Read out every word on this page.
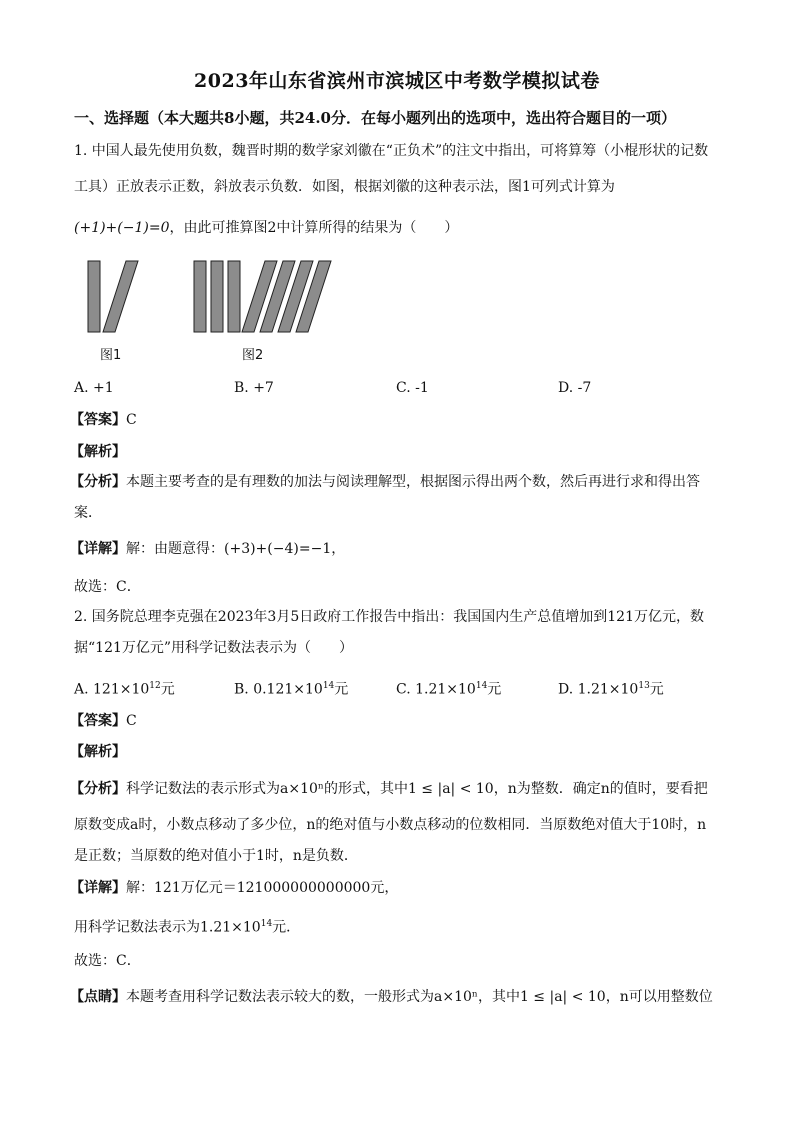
2023年山东省滨州市滨城区中考数学模拟试卷
一、选择题（本大题共8小题，共24.0分．在每小题列出的选项中，选出符合题目的一项）
1. 中国人最先使用负数，魏晋时期的数学家刘徽在“正负术”的注文中指出，可将算筹（小棍形状的记数
工具）正放表示正数，斜放表示负数．如图，根据刘徽的这种表示法，图1可列式计算为
(+1)+(−1)=0，由此可推算图2中计算所得的结果为（　　）
图1	图2
A. +1	B. +7	C. -1	D. -7
【答案】C
【解析】
【分析】本题主要考查的是有理数的加法与阅读理解型，根据图示得出两个数，然后再进行求和得出答
案．
【详解】解：由题意得：(+3)+(−4)=−1，
故选：C．
2. 国务院总理李克强在2023年3月5日政府工作报告中指出：我国国内生产总值增加到121万亿元，数
据“121万亿元”用科学记数法表示为（　　）
A. $121\times 10^{12}$元	B. $0.121\times 10^{14}$元	C. $1.21\times 10^{14}$元	D. $1.21\times 10^{13}$元
【答案】C
【解析】
【分析】科学记数法的表示形式为a×10ⁿ的形式，其中1 ≤ |a| < 10，n为整数．确定n的值时，要看把
原数变成a时，小数点移动了多少位，n的绝对值与小数点移动的位数相同．当原数绝对值大于10时，n
是正数；当原数的绝对值小于1时，n是负数．
【详解】解：121万亿元＝121000000000000元，
用科学记数法表示为$1.21\times 10^{14}$元．
故选：C．
【点睛】本题考查用科学记数法表示较大的数，一般形式为a×10ⁿ，其中1 ≤ |a| < 10，n可以用整数位
